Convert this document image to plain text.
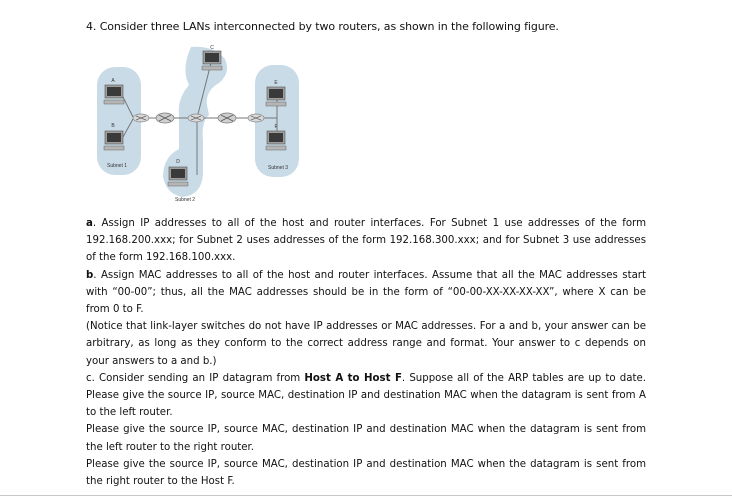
4. Consider three LANs interconnected by two routers, as shown in the following figure.
A
B
C
D
E
F
Subnet 1
Subnet 2
Subnet 3

a. Assign IP addresses to all of the host and router interfaces. For Subnet 1 use addresses of the form 192.168.200.xxx; for Subnet 2 uses addresses of the form 192.168.300.xxx; and for Subnet 3 use addresses of the form 192.168.100.xxx.

b. Assign MAC addresses to all of the host and router interfaces. Assume that all the MAC addresses start with “00-00”; thus, all the MAC addresses should be in the form of “00-00-XX-XX-XX-XX”, where X can be from 0 to F.

(Notice that link-layer switches do not have IP addresses or MAC addresses. For a and b, your answer can be arbitrary, as long as they conform to the correct address range and format. Your answer to c depends on your answers to a and b.)

c. Consider sending an IP datagram from Host A to Host F. Suppose all of the ARP tables are up to date. Please give the source IP, source MAC, destination IP and destination MAC when the datagram is sent from A to the left router.

Please give the source IP, source MAC, destination IP and destination MAC when the datagram is sent from the left router to the right router.

Please give the source IP, source MAC, destination IP and destination MAC when the datagram is sent from the right router to the Host F.
